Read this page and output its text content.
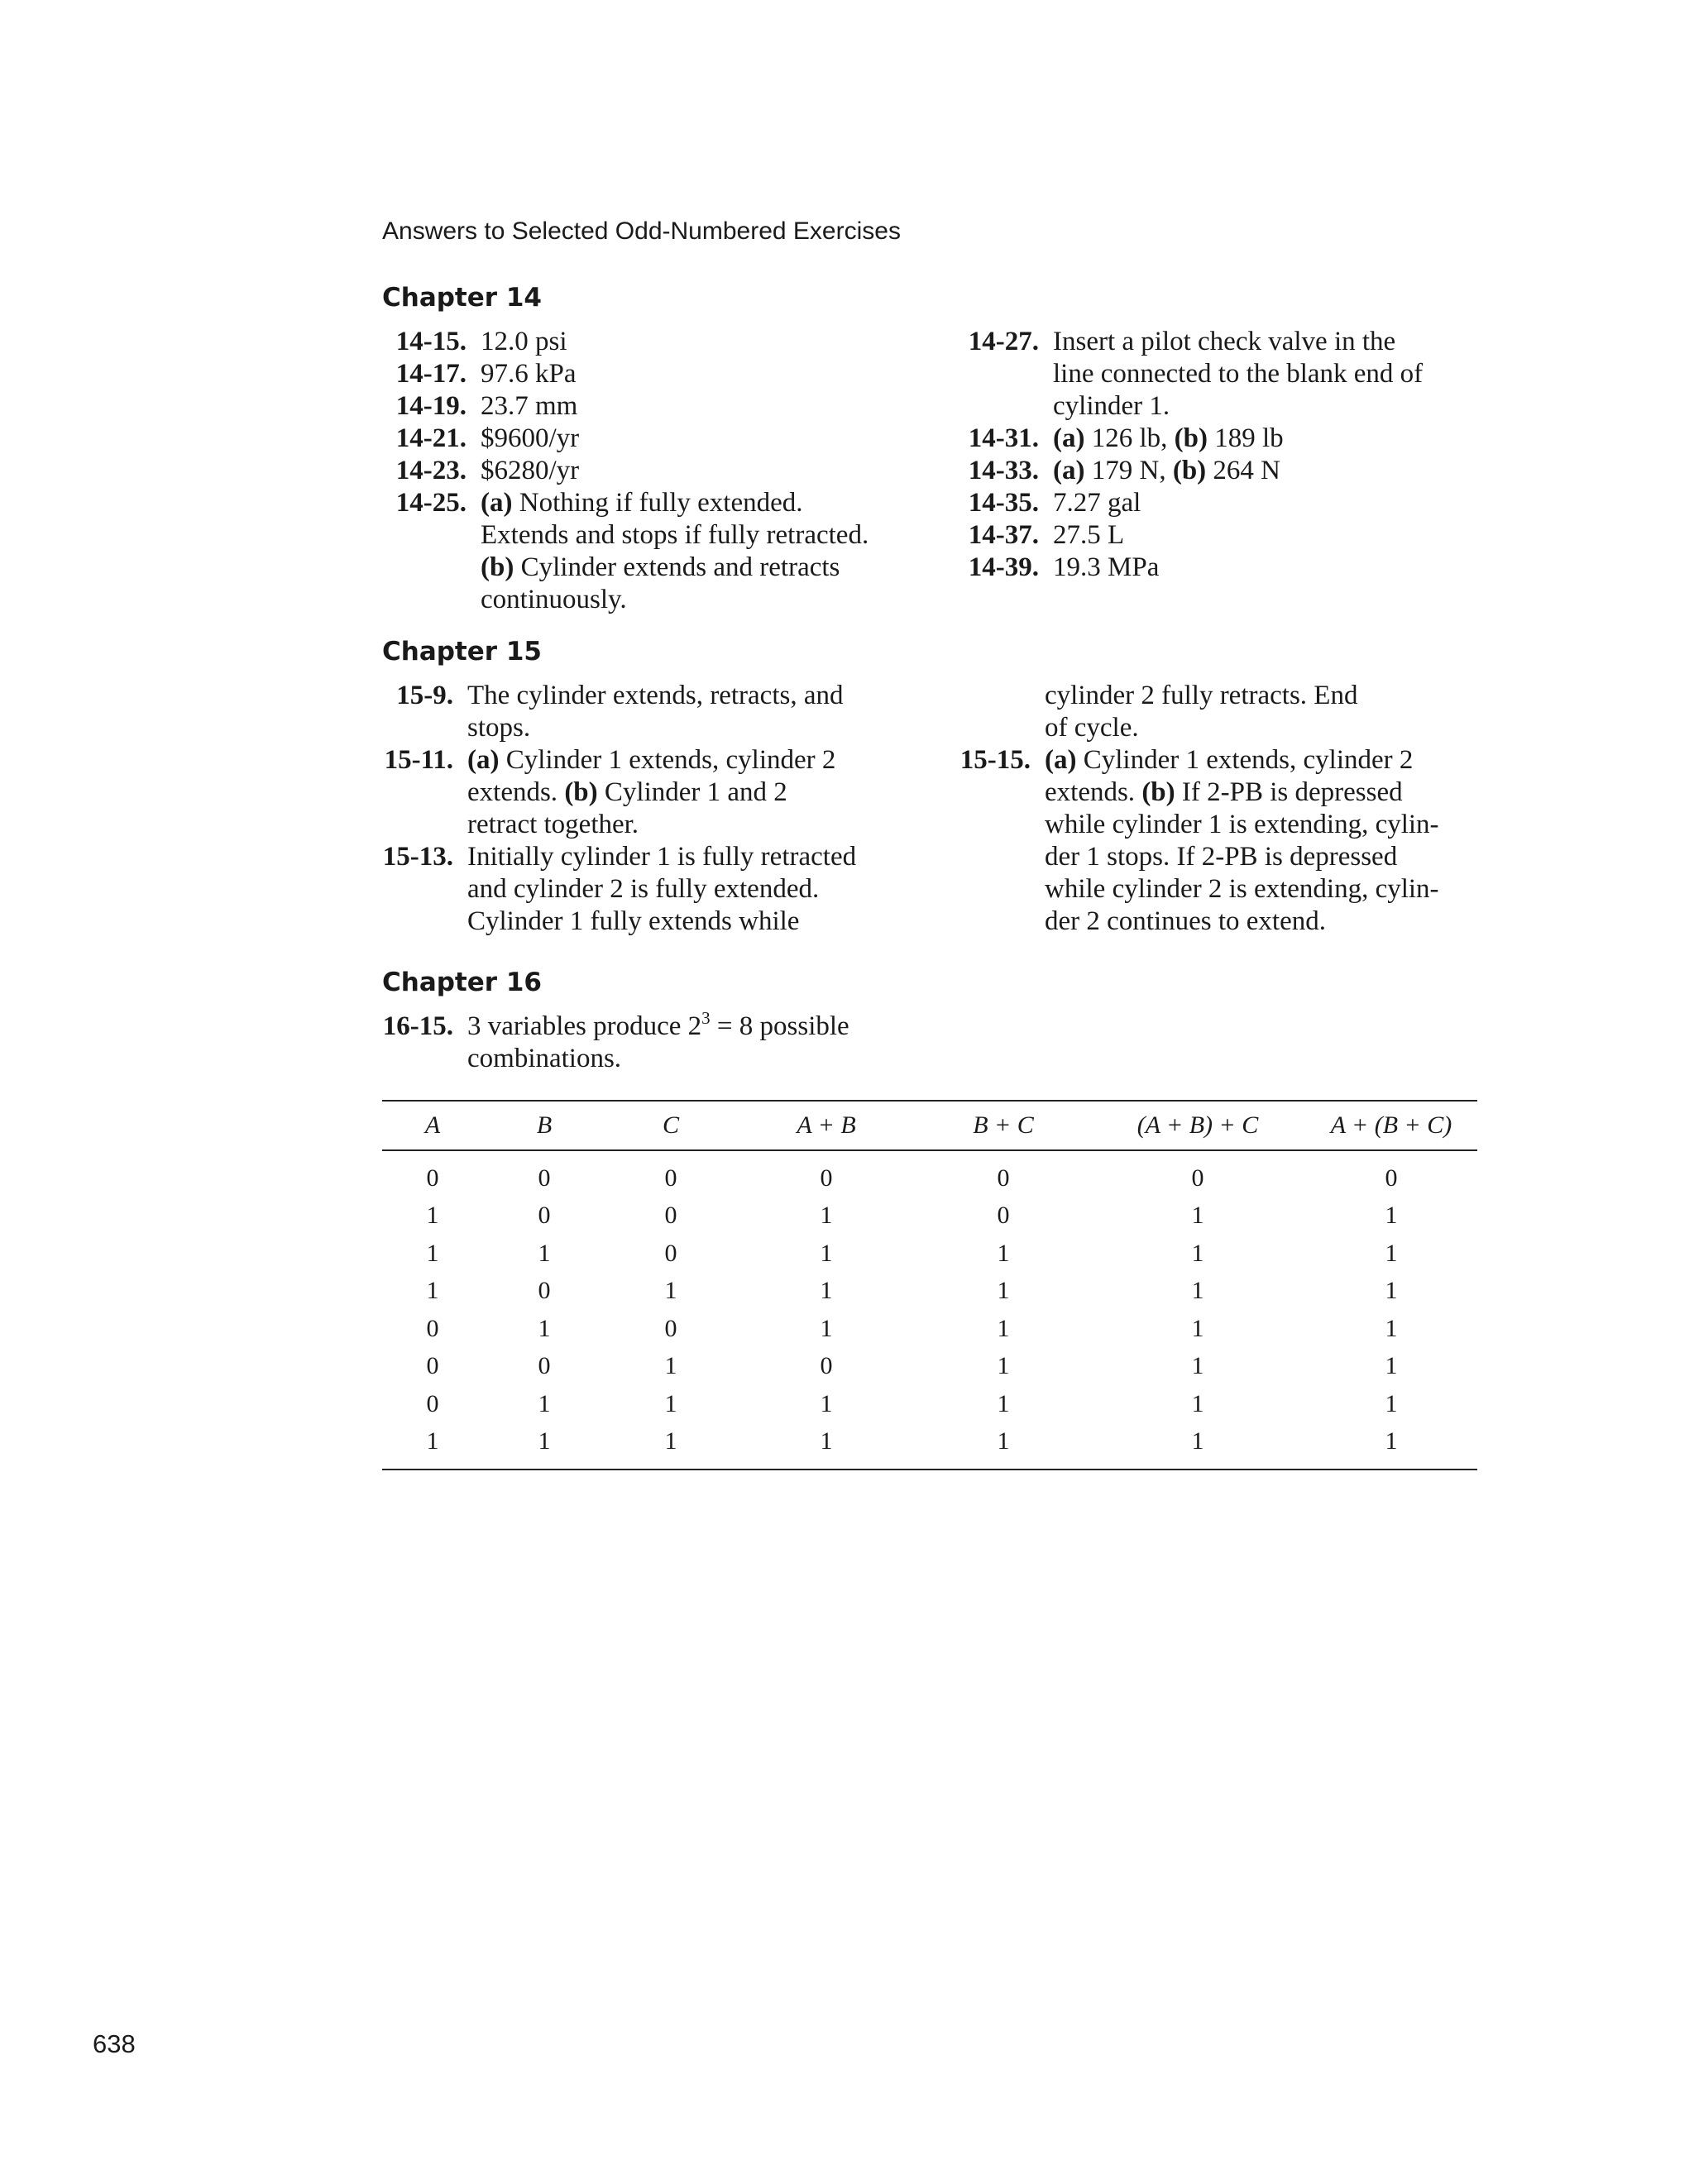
Answers to Selected Odd-Numbered Exercises
Chapter 14
14-15. 12.0 psi
14-17. 97.6 kPa
14-19. 23.7 mm
14-21. $9600/yr
14-23. $6280/yr
14-25. (a) Nothing if fully extended.
Extends and stops if fully retracted.
(b) Cylinder extends and retracts
continuously.
14-27. Insert a pilot check valve in the
line connected to the blank end of
cylinder 1.
14-31. (a) 126 lb, (b) 189 lb
14-33. (a) 179 N, (b) 264 N
14-35. 7.27 gal
14-37. 27.5 L
14-39. 19.3 MPa
Chapter 15
15-9. The cylinder extends, retracts, and
stops.
15-11. (a) Cylinder 1 extends, cylinder 2
extends. (b) Cylinder 1 and 2
retract together.
15-13. Initially cylinder 1 is fully retracted
and cylinder 2 is fully extended.
Cylinder 1 fully extends while
cylinder 2 fully retracts. End
of cycle.
15-15. (a) Cylinder 1 extends, cylinder 2
extends. (b) If 2-PB is depressed
while cylinder 1 is extending, cylin-
der 1 stops. If 2-PB is depressed
while cylinder 2 is extending, cylin-
der 2 continues to extend.
Chapter 16
16-15. 3 variables produce $2^3 = 8$ possible
combinations.
A	B	C	A + B	B + C	(A + B) + C	A + (B + C)
0	0	0	0	0	0	0
1	0	0	1	0	1	1
1	1	0	1	1	1	1
1	0	1	1	1	1	1
0	1	0	1	1	1	1
0	0	1	0	1	1	1
0	1	1	1	1	1	1
1	1	1	1	1	1	1
638
